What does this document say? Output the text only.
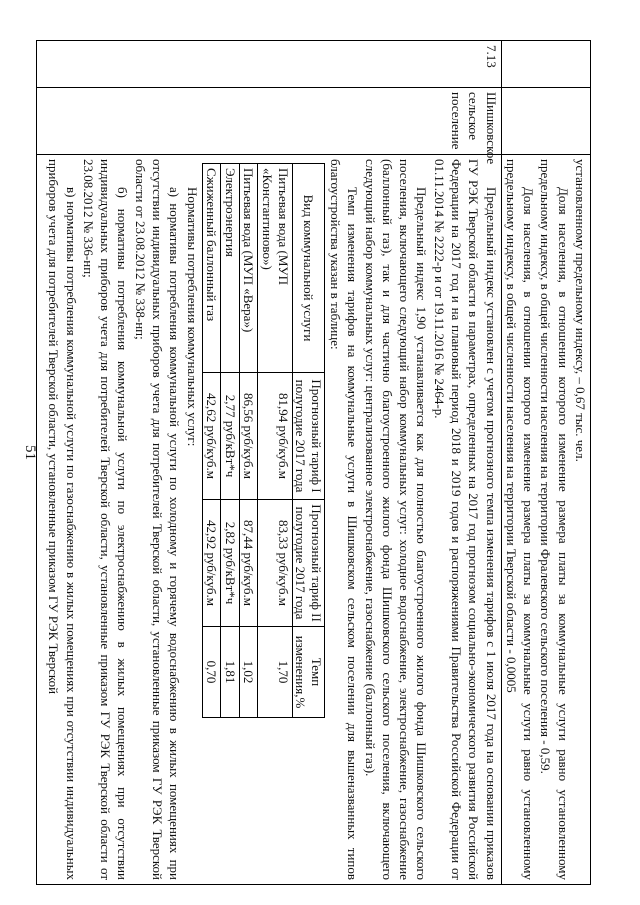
51
			установленному предельному индексу, – 0,67 тыс. чел.

Доля населения, в отношении которого изменение размера платы за коммунальные услуги равно установленному предельному индексу, в общей численности населения на территории Фралевского сельского поселения - 0,59.

Доля населения, в отношении которого изменение размера платы за коммунальные услуги равно установленному предельному индексу, в общей численности населения на территории Тверской области - 0,0005

7.13	Шишковское сельское поселение	

Предельный индекс установлен с учетом прогнозного темпа изменения тарифов с 1 июля 2017 года на основании приказов ГУ РЭК Тверской области в параметрах, определенных на 2017 год прогнозом социально-экономического развития Российской Федерации на 2017 год и на плановый период 2018 и 2019 годов и распоряжениями Правительства Российской Федерации от 01.11.2014 № 2222-р и от 19.11.2016 № 2464-р.

Предельный индекс 1,90 устанавливается как для полностью благоустроенного жилого фонда Шишковского сельского поселения, включающего следующий набор коммунальных услуг: холодное водоснабжение, электроснабжение, газоснабжение (баллонный газ), так и для частично благоустроенного жилого фонда Шишковского сельского поселения, включающего следующий набор коммунальных услуг: централизованное электроснабжение, газоснабжение (баллонный газ).

Темп изменения тарифов на коммунальные услуги в Шишковском сельском поселении для вышеназванных типов благоустройства указан в таблице:

Вид коммунальной услуги	Прогнозный тариф I полугодие 2017 года	Прогнозный тариф II полугодие 2017 года	Темп изменения,%
Питьевая вода (МУП «Константиново»)	81,94 руб/куб.м	83,33 руб/куб.м	1,70
Питьевая вода (МУП «Вера»)	86,56 руб/куб.м	87,44 руб/куб.м	1,02
Электроэнергия	2,77 руб/кВт*ч	2,82 руб/кВт*ч	1,81
Сжиженный баллонный газ	42,62 руб/куб.м	42,92 руб/куб.м	0,70

Нормативы потребления коммунальных услуг:

а) нормативы потребления коммунальной услуги по холодному и горячему водоснабжению в жилых помещениях при отсутствии индивидуальных приборов учета для потребителей Тверской области, установленные приказом ГУ РЭК Тверской области от 23.08.2012 № 338-нп;

б) нормативы потребления коммунальной услуги по электроснабжению в жилых помещениях при отсутствии индивидуальных приборов учета для потребителей Тверской области, установленные приказом ГУ РЭК Тверской области от 23.08.2012 № 336-нп;

в) нормативы потребления коммунальной услуги по газоснабжению в жилых помещениях при отсутствии индивидуальных приборов учета для потребителей Тверской области, установленные приказом ГУ РЭК Тверской
